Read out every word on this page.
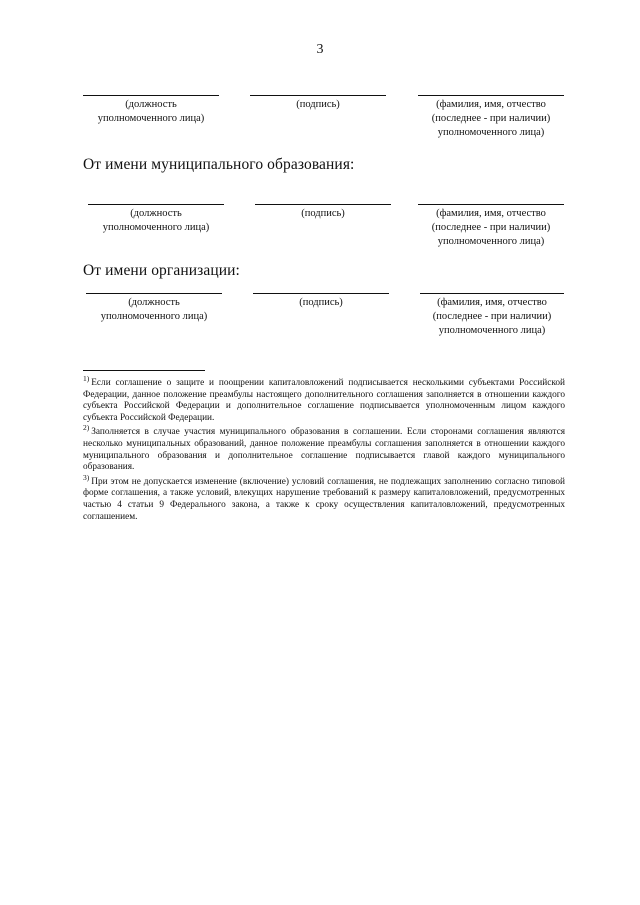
3
(должность
уполномоченного лица)
(подпись)	(фамилия, имя, отчество
(последнее - при наличии)
уполномоченного лица)
От имени муниципального образования:
(должность
уполномоченного лица)
(подпись)	(фамилия, имя, отчество
(последнее - при наличии)
уполномоченного лица)
От имени организации:
(должность
уполномоченного лица)
(подпись)	(фамилия, имя, отчество
(последнее - при наличии)
уполномоченного лица)

$^{1)}$ Если соглашение о защите и поощрении капиталовложений подписывается несколькими субъектами Российской Федерации, данное положение преамбулы настоящего дополнительного соглашения заполняется в отношении каждого субъекта Российской Федерации и дополнительное соглашение подписывается уполномоченным лицом каждого субъекта Российской Федерации.

$^{2)}$ Заполняется в случае участия муниципального образования в соглашении. Если сторонами соглашения являются несколько муниципальных образований, данное положение преамбулы соглашения заполняется в отношении каждого муниципального образования и дополнительное соглашение подписывается главой каждого муниципального образования.

$^{3)}$ При этом не допускается изменение (включение) условий соглашения, не подлежащих заполнению согласно типовой форме соглашения, а также условий, влекущих нарушение требований к размеру капиталовложений, предусмотренных частью 4 статьи 9 Федерального закона, а также к сроку осуществления капиталовложений, предусмотренных соглашением.
